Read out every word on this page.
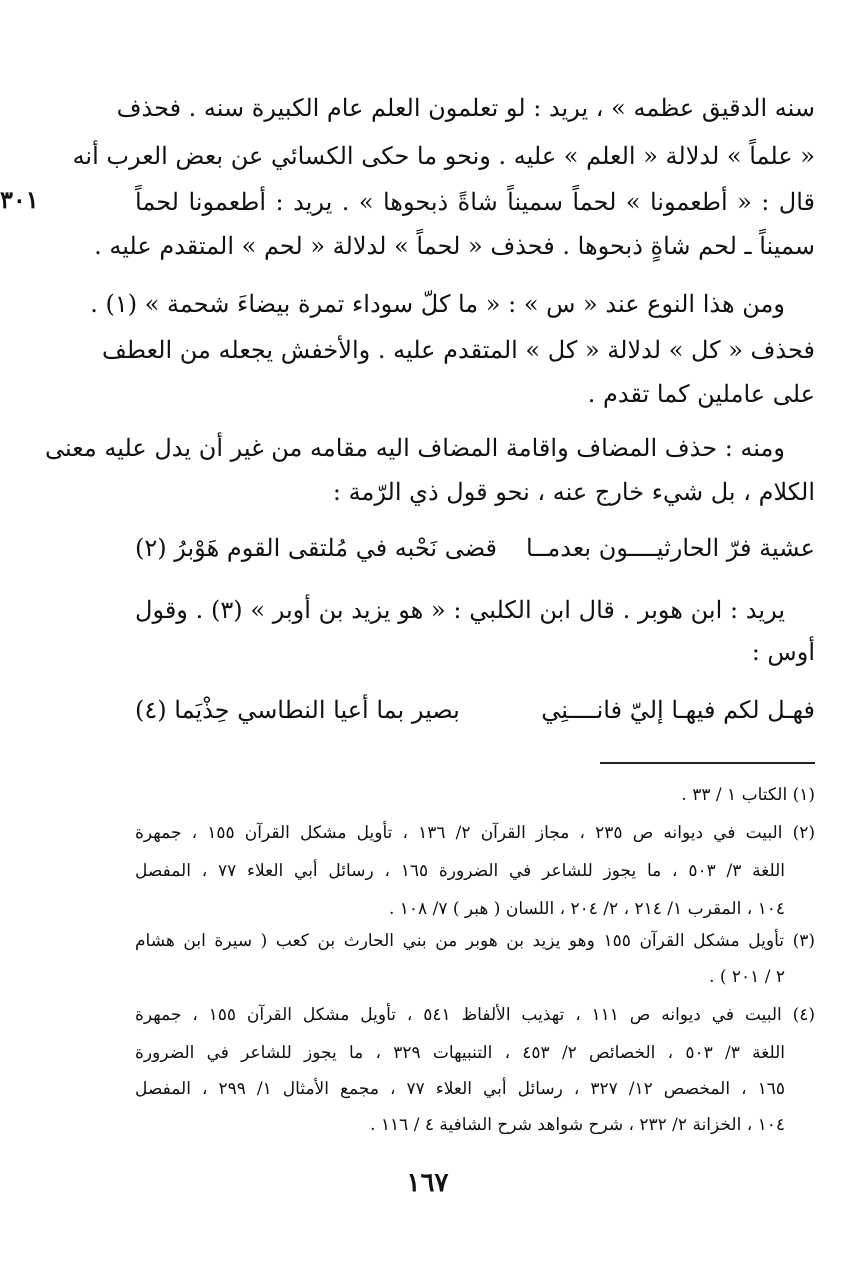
سنه الدقيق عظمه » ، يريد : لو تعلمون العلم عام الكبيرة سنه . فحذف
« علماً » لدلالة « العلم » عليه . ونحو ما حكى الكسائي عن بعض العرب أنه
٣٠١	قال : « أطعمونا » لحماً سميناً شاةً ذبحوها » . يريد : أطعمونا لحماً
سميناً ـ لحم شاةٍ ذبحوها . فحذف « لحماً » لدلالة « لحم » المتقدم عليه .
ومن هذا النوع عند « س » : « ما كلّ سوداء تمرة بيضاءَ شحمة » (١) .
فحذف « كل » لدلالة « كل » المتقدم عليه . والأخفش يجعله من العطف
على عاملين كما تقدم .
ومنه : حذف المضاف واقامة المضاف اليه مقامه من غير أن يدل عليه معنى
الكلام ، بل شيء خارج عنه ، نحو قول ذي الرّمة :
عشية فرّ الحارثيــــون بعدمــا
قضى نَحْبه في مُلتقى القوم هَوْبرُ (٢)
يريد : ابن هوبر . قال ابن الكلبي : « هو يزيد بن أوبر » (٣) . وقول
أوس :
فهـل لكم فيهـا إليّ فانــــنِي
بصير بما أعيا النطاسي حِذْيَما (٤)
(١) الكتاب ١ / ٣٣ .
(٢) البيت في ديوانه ص ٢٣٥ ، مجاز القرآن ٢/ ١٣٦ ، تأويل مشكل القرآن ١٥٥ ، جمهرة
اللغة ٣/ ٥٠٣ ، ما يجوز للشاعر في الضرورة ١٦٥ ، رسائل أبي العلاء ٧٧ ، المفصل
١٠٤ ، المقرب ١/ ٢١٤ ، ٢/ ٢٠٤ ، اللسان ( هبر ) ٧/ ١٠٨ .
(٣) تأويل مشكل القرآن ١٥٥ وهو يزيد بن هوبر من بني الحارث بن كعب ( سيرة ابن هشام
٢ / ٢٠١ ) .
(٤) البيت في ديوانه ص ١١١ ، تهذيب الألفاظ ٥٤١ ، تأويل مشكل القرآن ١٥٥ ، جمهرة
اللغة ٣/ ٥٠٣ ، الخصائص ٢/ ٤٥٣ ، التنبيهات ٣٢٩ ، ما يجوز للشاعر في الضرورة
١٦٥ ، المخصص ١٢/ ٣٢٧ ، رسائل أبي العلاء ٧٧ ، مجمع الأمثال ١/ ٢٩٩ ، المفصل
١٠٤ ، الخزانة ٢/ ٢٣٢ ، شرح شواهد شرح الشافية ٤ / ١١٦ .
١٦٧
